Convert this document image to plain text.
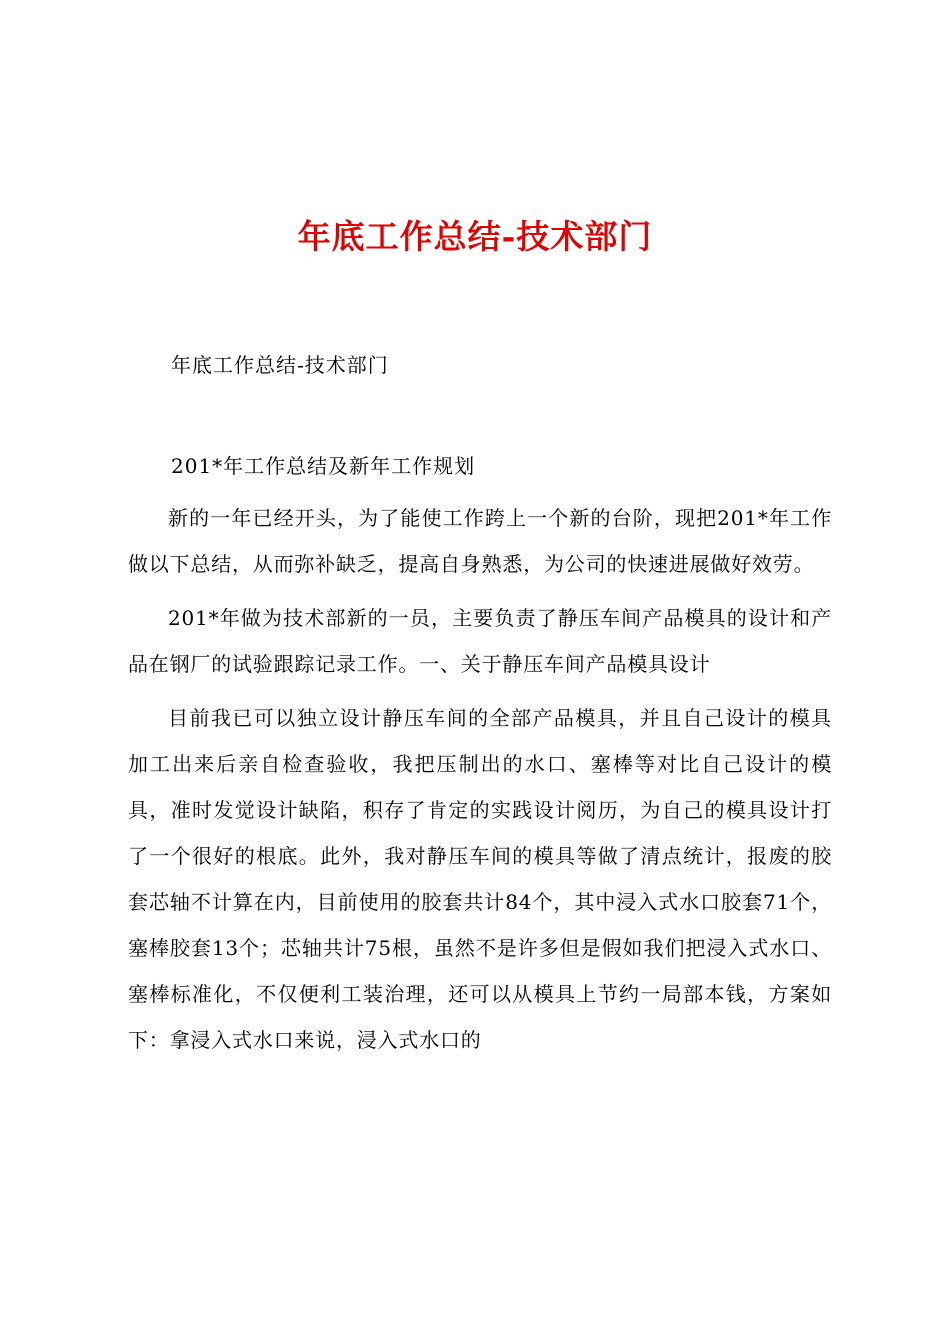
年底工作总结-技术部门

年底工作总结-技术部门

201*年工作总结及新年工作规划

新的一年已经开头，为了能使工作跨上一个新的台阶，现把201*年工作做以下总结，从而弥补缺乏，提高自身熟悉，为公司的快速进展做好效劳。

201*年做为技术部新的一员，主要负责了静压车间产品模具的设计和产品在钢厂的试验跟踪记录工作。一、关于静压车间产品模具设计

目前我已可以独立设计静压车间的全部产品模具，并且自己设计的模具加工出来后亲自检查验收，我把压制出的水口、塞棒等对比自己设计的模具，准时发觉设计缺陷，积存了肯定的实践设计阅历，为自己的模具设计打了一个很好的根底。此外，我对静压车间的模具等做了清点统计，报废的胶套芯轴不计算在内，目前使用的胶套共计84个，其中浸入式水口胶套71个，塞棒胶套13个；芯轴共计75根，虽然不是许多但是假如我们把浸入式水口、塞棒标准化，不仅便利工装治理，还可以从模具上节约一局部本钱，方案如下：拿浸入式水口来说，浸入式水口的
